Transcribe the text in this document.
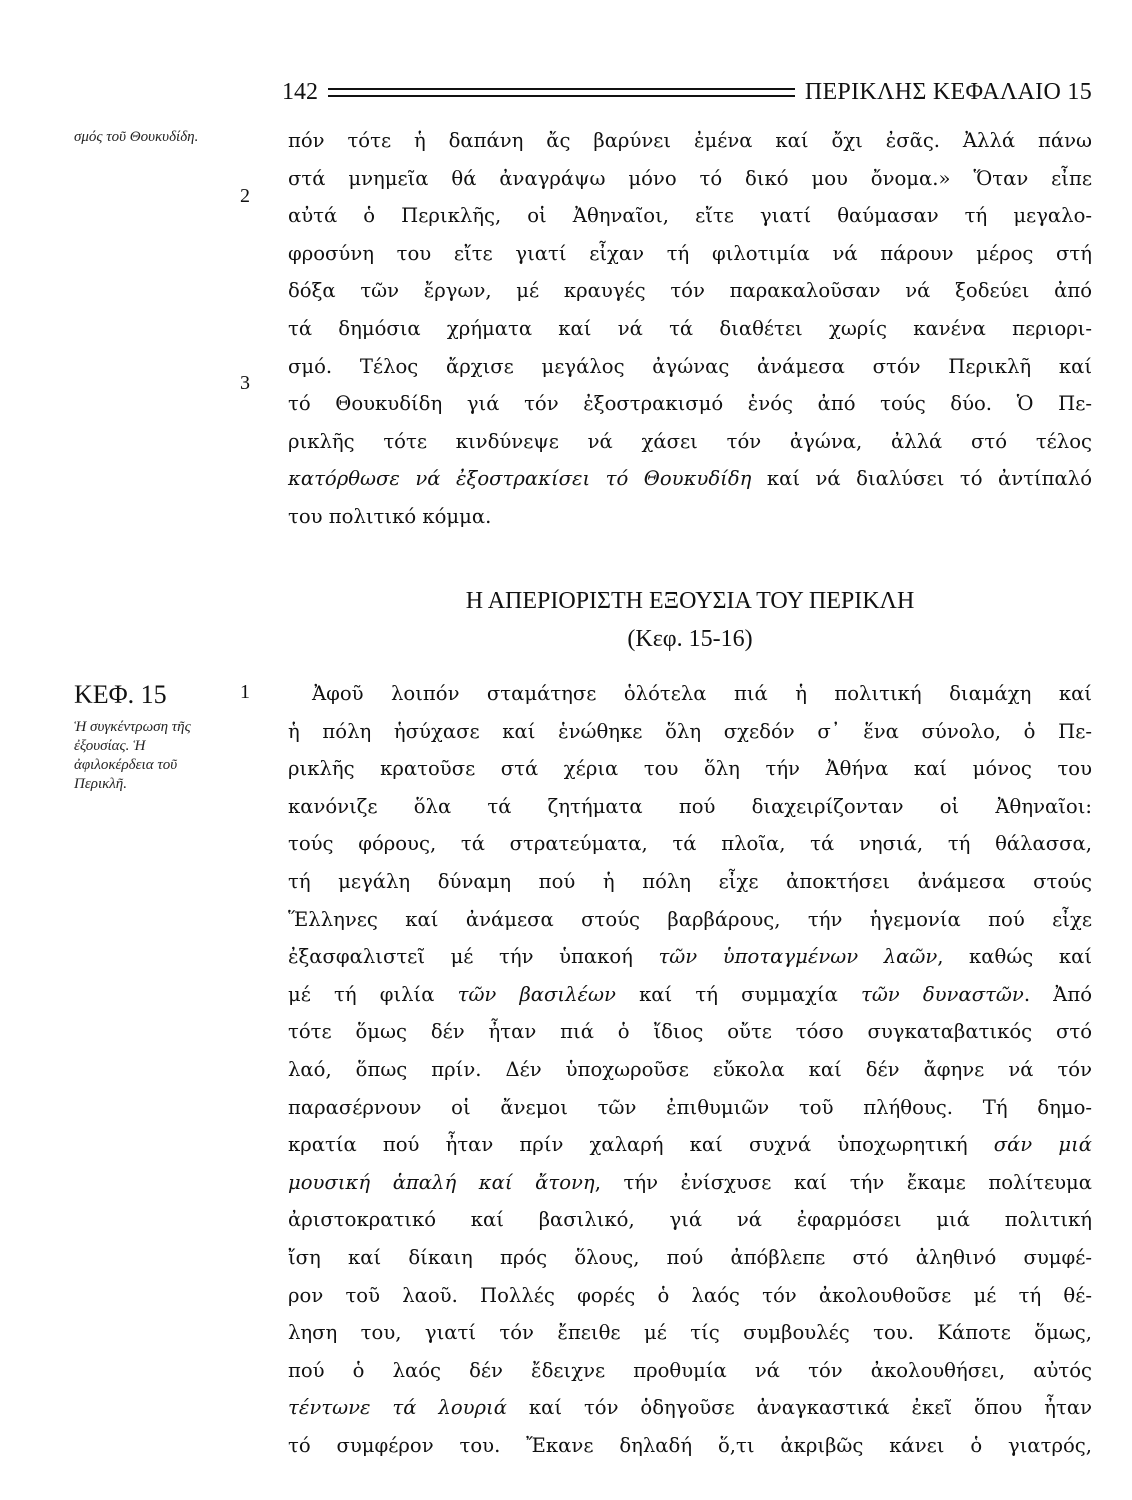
142	ΠΕΡΙΚΛΗΣ ΚΕΦΑΛΑΙΟ 15
σμός τοῦ Θουκυδίδη.
ΚΕΦ. 15
Ἡ συγκέντρωση τῆς ἐξουσίας. Ἡ ἀφιλοκέρδεια τοῦ Περικλῆ.
2
3
1
πόν τότε ἡ δαπάνη ἄς βαρύνει ἐμένα καί ὄχι ἐσᾶς. Ἀλλά πάνω
στά μνημεῖα θά ἀναγράψω μόνο τό δικό μου ὄνομα.» Ὅταν εἶπε
αὐτά ὁ Περικλῆς, οἱ Ἀθηναῖοι, εἴτε γιατί θαύμασαν τή μεγαλο-
φροσύνη του εἴτε γιατί εἶχαν τή φιλοτιμία νά πάρουν μέρος στή
δόξα τῶν ἔργων, μέ κραυγές τόν παρακαλοῦσαν νά ξοδεύει ἀπό
τά δημόσια χρήματα καί νά τά διαθέτει χωρίς κανένα περιορι-
σμό. Τέλος ἄρχισε μεγάλος ἀγώνας ἀνάμεσα στόν Περικλῆ καί
τό Θουκυδίδη γιά τόν ἐξοστρακισμό ἑνός ἀπό τούς δύο. Ὁ Πε-
ρικλῆς τότε κινδύνεψε νά χάσει τόν ἀγώνα, ἀλλά στό τέλος
κατόρθωσε νά ἐξοστρακίσει τό Θουκυδίδη καί νά διαλύσει τό ἀντίπαλό
του πολιτικό κόμμα.
Η ΑΠΕΡΙΟΡΙΣΤΗ ΕΞΟΥΣΙΑ ΤΟΥ ΠΕΡΙΚΛΗ
(Κεφ. 15-16)
Ἀφοῦ λοιπόν σταμάτησε ὁλότελα πιά ἡ πολιτική διαμάχη καί
ἡ πόλη ἡσύχασε καί ἑνώθηκε ὅλη σχεδόν σ᾽ ἕνα σύνολο, ὁ Πε-
ρικλῆς κρατοῦσε στά χέρια του ὅλη τήν Ἀθήνα καί μόνος του
κανόνιζε ὅλα τά ζητήματα πού διαχειρίζονταν οἱ Ἀθηναῖοι:
τούς φόρους, τά στρατεύματα, τά πλοῖα, τά νησιά, τή θάλασσα,
τή μεγάλη δύναμη πού ἡ πόλη εἶχε ἀποκτήσει ἀνάμεσα στούς
Ἕλληνες καί ἀνάμεσα στούς βαρβάρους, τήν ἡγεμονία πού εἶχε
ἐξασφαλιστεῖ μέ τήν ὑπακοή τῶν ὑποταγμένων λαῶν, καθώς καί
μέ τή φιλία τῶν βασιλέων καί τή συμμαχία τῶν δυναστῶν. Ἀπό
τότε ὅμως δέν ἦταν πιά ὁ ἴδιος οὔτε τόσο συγκαταβατικός στό
λαό, ὅπως πρίν. Δέν ὑποχωροῦσε εὔκολα καί δέν ἄφηνε νά τόν
παρασέρνουν οἱ ἄνεμοι τῶν ἐπιθυμιῶν τοῦ πλήθους. Τή δημο-
κρατία πού ἦταν πρίν χαλαρή καί συχνά ὑποχωρητική σάν μιά
μουσική ἁπαλή καί ἄτονη, τήν ἐνίσχυσε καί τήν ἔκαμε πολίτευμα
ἀριστοκρατικό καί βασιλικό, γιά νά ἐφαρμόσει μιά πολιτική
ἴση καί δίκαιη πρός ὅλους, πού ἀπόβλεπε στό ἀληθινό συμφέ-
ρον τοῦ λαοῦ. Πολλές φορές ὁ λαός τόν ἀκολουθοῦσε μέ τή θέ-
ληση του, γιατί τόν ἔπειθε μέ τίς συμβουλές του. Κάποτε ὅμως,
πού ὁ λαός δέν ἔδειχνε προθυμία νά τόν ἀκολουθήσει, αὐτός
τέντωνε τά λουριά καί τόν ὁδηγοῦσε ἀναγκαστικά ἐκεῖ ὅπου ἦταν
τό συμφέρον του. Ἔκανε δηλαδή ὅ,τι ἀκριβῶς κάνει ὁ γιατρός,
